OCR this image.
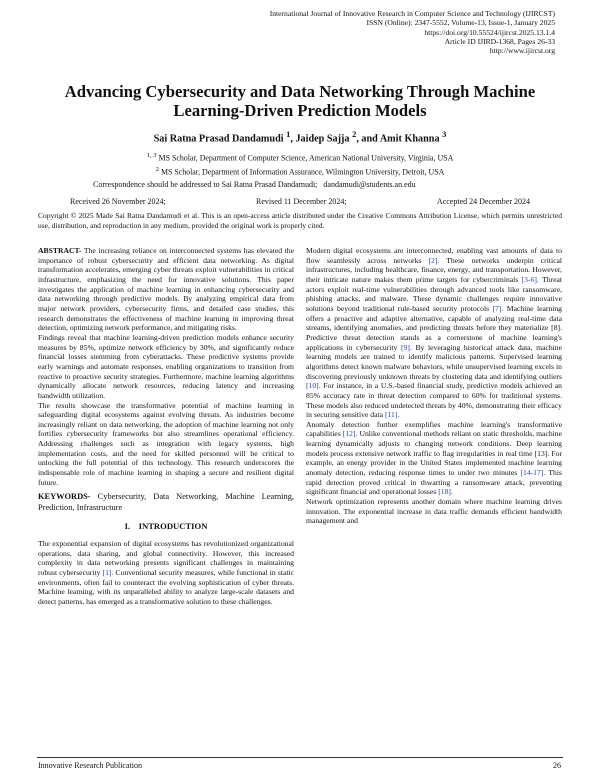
International Journal of Innovative Research in Computer Science and Technology (IJIRCST)
ISSN (Online): 2347-5552, Volume-13, Issue-1, January 2025
https://doi.org/10.55524/ijircst.2025.13.1.4
Article ID IJIRD-1368, Pages 26-33
http://www.ijircst.org
Advancing Cybersecurity and Data Networking Through Machine Learning-Driven Prediction Models
Sai Ratna Prasad Dandamudi $^1$, Jaidep Sajja $^2$, and Amit Khanna $^3$
$^{1, 3}$ MS Scholar, Department of Computer Science, American National University, Virginia, USA
$^2$ MS Scholar, Department of Information Assurance, Wilmington University, Detroit, USA
Correspondence should be addressed to Sai Ratna Prasad Dandamudi; dandamudi@students.an.edu
Received 26 November 2024;	Revised 11 December 2024;	Accepted 24 December 2024
Copyright © 2025 Made Sai Ratna Dandamudi et al. This is an open-access article distributed under the Creative Commons Attribution License, which permits unrestricted use, distribution, and reproduction in any medium, provided the original work is properly cited.

ABSTRACT- The increasing reliance on interconnected systems has elevated the importance of robust cybersecurity and efficient data networking. As digital transformation accelerates, emerging cyber threats exploit vulnerabilities in critical infrastructure, emphasizing the need for innovative solutions. This paper investigates the application of machine learning in enhancing cybersecurity and data networking through predictive models. By analyzing empirical data from major network providers, cybersecurity firms, and detailed case studies, this research demonstrates the effectiveness of machine learning in improving threat detection, optimizing network performance, and mitigating risks.

Findings reveal that machine learning-driven prediction models enhance security measures by 85%, optimize network efficiency by 30%, and significantly reduce financial losses stemming from cyberattacks. These predictive systems provide early warnings and automate responses, enabling organizations to transition from reactive to proactive security strategies. Furthermore, machine learning algorithms dynamically allocate network resources, reducing latency and increasing bandwidth utilization.

The results showcase the transformative potential of machine learning in safeguarding digital ecosystems against evolving threats. As industries become increasingly reliant on data networking, the adoption of machine learning not only fortifies cybersecurity frameworks but also streamlines operational efficiency. Addressing challenges such as integration with legacy systems, high implementation costs, and the need for skilled personnel will be critical to unlocking the full potential of this technology. This research underscores the indispensable role of machine learning in shaping a secure and resilient digital future.

KEYWORDS- Cybersecurity, Data Networking, Machine Learning, Prediction, Infrastructure

I. INTRODUCTION

The exponential expansion of digital ecosystems has revolutionized organizational operations, data sharing, and global connectivity. However, this increased complexity in data networking presents significant challenges in maintaining robust cybersecurity [1]. Conventional security measures, while functional in static environments, often fail to counteract the evolving sophistication of cyber threats. Machine learning, with its unparalleled ability to analyze large-scale datasets and detect patterns, has emerged as a transformative solution to these challenges.

Modern digital ecosystems are interconnected, enabling vast amounts of data to flow seamlessly across networks [2]. These networks underpin critical infrastructures, including healthcare, finance, energy, and transportation. However, their intricate nature makes them prime targets for cybercriminals [3-6]. Threat actors exploit real-time vulnerabilities through advanced tools like ransomware, phishing attacks, and malware. These dynamic challenges require innovative solutions beyond traditional rule-based security protocols [7]. Machine learning offers a proactive and adaptive alternative, capable of analyzing real-time data streams, identifying anomalies, and predicting threats before they materialize [8]. Predictive threat detection stands as a cornerstone of machine learning's applications in cybersecurity [9]. By leveraging historical attack data, machine learning models are trained to identify malicious patterns. Supervised learning algorithms detect known malware behaviors, while unsupervised learning excels in discovering previously unknown threats by clustering data and identifying outliers [10]. For instance, in a U.S.-based financial study, predictive models achieved an 85% accuracy rate in threat detection compared to 60% for traditional systems. These models also reduced undetected threats by 40%, demonstrating their efficacy in securing sensitive data [11].

Anomaly detection further exemplifies machine learning's transformative capabilities [12]. Unlike conventional methods reliant on static thresholds, machine learning dynamically adjusts to changing network conditions. Deep learning models process extensive network traffic to flag irregularities in real time [13]. For example, an energy provider in the United States implemented machine learning anomaly detection, reducing response times to under two minutes [14-17]. This rapid detection proved critical in thwarting a ransomware attack, preventing significant financial and operational losses [18].

Network optimization represents another domain where machine learning drives innovation. The exponential increase in data traffic demands efficient bandwidth management and

Innovative Research Publication	26
